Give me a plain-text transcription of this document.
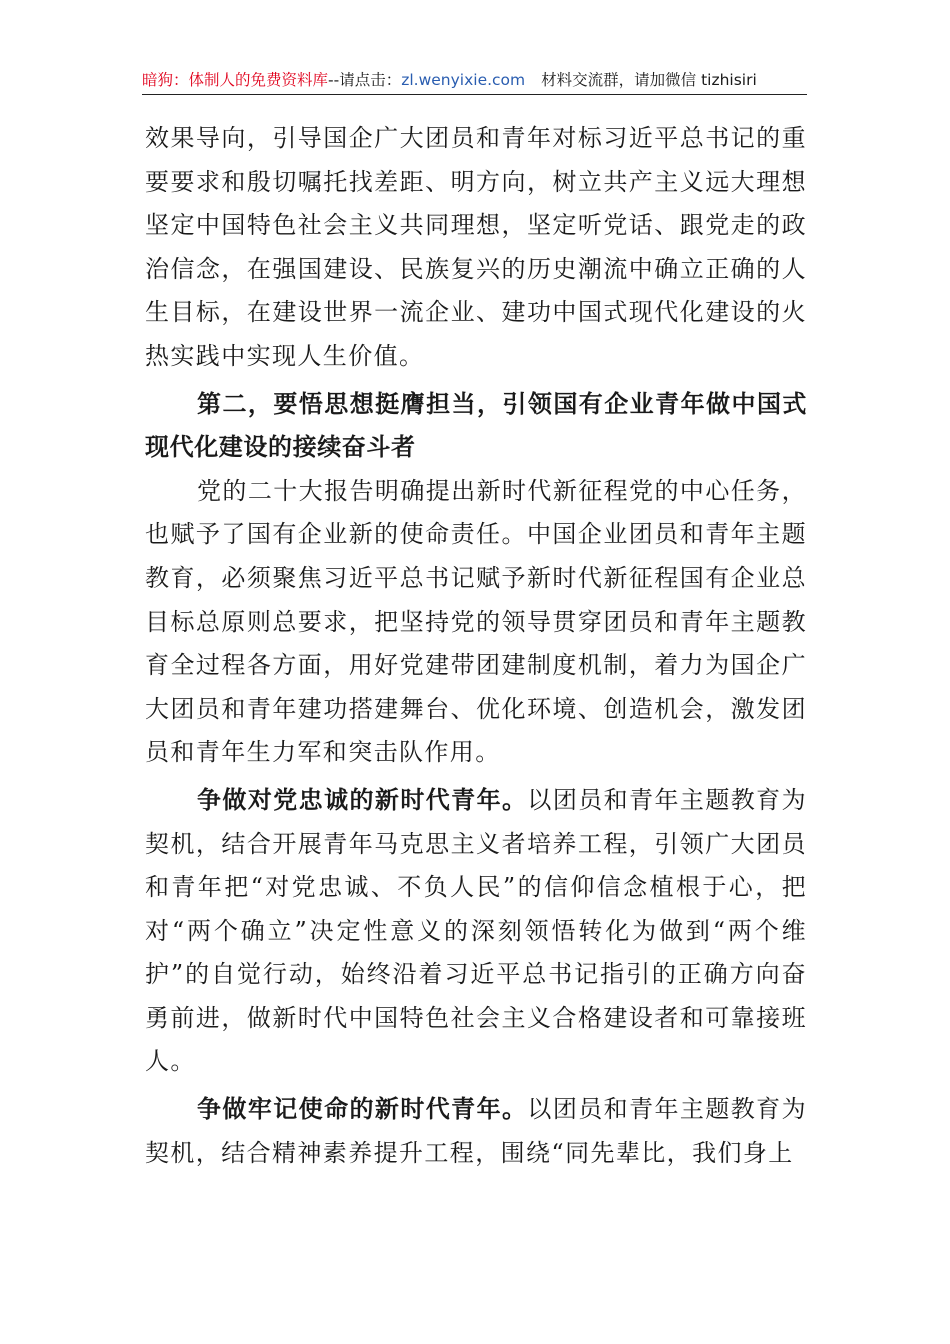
暗狗：体制人的免费资料库--请点击：zl.wenyixie.com 材料交流群，请加微信 tizhisiri

效果导向，引导国企广大团员和青年对标习近平总书记的重要要求和殷切嘱托找差距、明方向，树立共产主义远大理想坚定中国特色社会主义共同理想，坚定听党话、跟党走的政治信念，在强国建设、民族复兴的历史潮流中确立正确的人生目标，在建设世界一流企业、建功中国式现代化建设的火热实践中实现人生价值。

第二，要悟思想挺膺担当，引领国有企业青年做中国式现代化建设的接续奋斗者

党的二十大报告明确提出新时代新征程党的中心任务，也赋予了国有企业新的使命责任。中国企业团员和青年主题教育，必须聚焦习近平总书记赋予新时代新征程国有企业总目标总原则总要求，把坚持党的领导贯穿团员和青年主题教育全过程各方面，用好党建带团建制度机制，着力为国企广大团员和青年建功搭建舞台、优化环境、创造机会，激发团员和青年生力军和突击队作用。

争做对党忠诚的新时代青年。以团员和青年主题教育为契机，结合开展青年马克思主义者培养工程，引领广大团员和青年把“对党忠诚、不负人民”的信仰信念植根于心，把对“两个确立”决定性意义的深刻领悟转化为做到“两个维护”的自觉行动，始终沿着习近平总书记指引的正确方向奋勇前进，做新时代中国特色社会主义合格建设者和可靠接班人。

争做牢记使命的新时代青年。以团员和青年主题教育为契机，结合精神素养提升工程，围绕“同先辈比，我们身上
